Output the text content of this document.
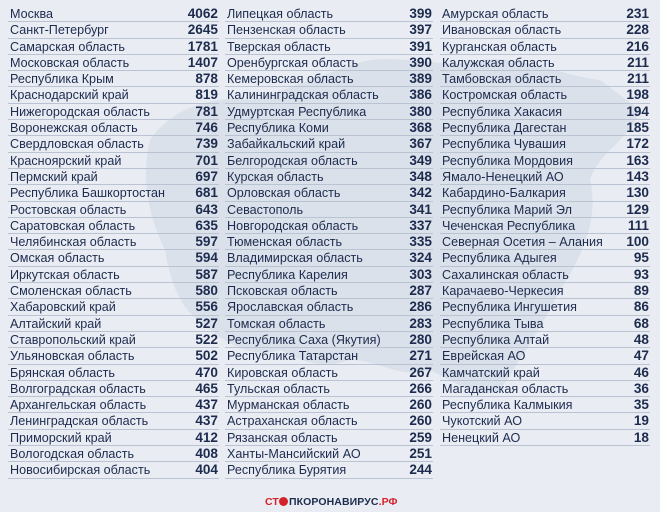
Москва	4062
Санкт-Петербург	2645
Самарская область	1781
Московская область	1407
Республика Крым	878
Краснодарский край	819
Нижегородская область	781
Воронежская область	746
Свердловская область	739
Красноярский край	701
Пермский край	697
Республика Башкортостан 681
Ростовская область	643
Саратовская область	635
Челябинская область	597
Омская область	594
Иркутская область	587
Смоленская область	580
Хабаровский край	556
Алтайский край	527
Ставропольский край	522
Ульяновская область	502
Брянская область	470
Волгоградская область	465
Архангельская область	437
Ленинградская область	437
Приморский край	412
Вологодская область	408
Новосибирская область	404
Липецкая область	399
Пензенская область	397
Тверская область	391
Оренбургская область	390
Кемеровская область	389
Калининградская область 386
Удмуртская Республика	380
Республика Коми	368
Забайкальский край	367
Белгородская область	349
Курская область	348
Орловская область	342
Севастополь	341
Новгородская область	337
Тюменская область	335
Владимирская область	324
Республика Карелия	303
Псковская область	287
Ярославская область	286
Томская область	283
Республика Саха (Якутия) 280
Республика Татарстан	271
Кировская область	267
Тульская область	266
Мурманская область	260
Астраханская область	260
Рязанская область	259
Ханты-Мансийский АО	251
Республика Бурятия	244
Амурская область	231
Ивановская область	228
Курганская область	216
Калужская область	211
Тамбовская область	211
Костромская область	198
Республика Хакасия	194
Республика Дагестан	185
Республика Чувашия	172
Республика Мордовия	163
Ямало-Ненецкий АО	143
Кабардино-Балкария	130
Республика Марий Эл	129
Чеченская Республика	111
Северная Осетия – Алания 100
Республика Адыгея	95
Сахалинская область	93
Карачаево-Черкесия	89
Республика Ингушетия	86
Республика Тыва	68
Республика Алтай	48
Еврейская АО	47
Камчатский край	46
Магаданская область	36
Республика Калмыкия	35
Чукотский АО	19
Ненецкий АО	18
СТ ПКОРОНАВИРУС.РФ
